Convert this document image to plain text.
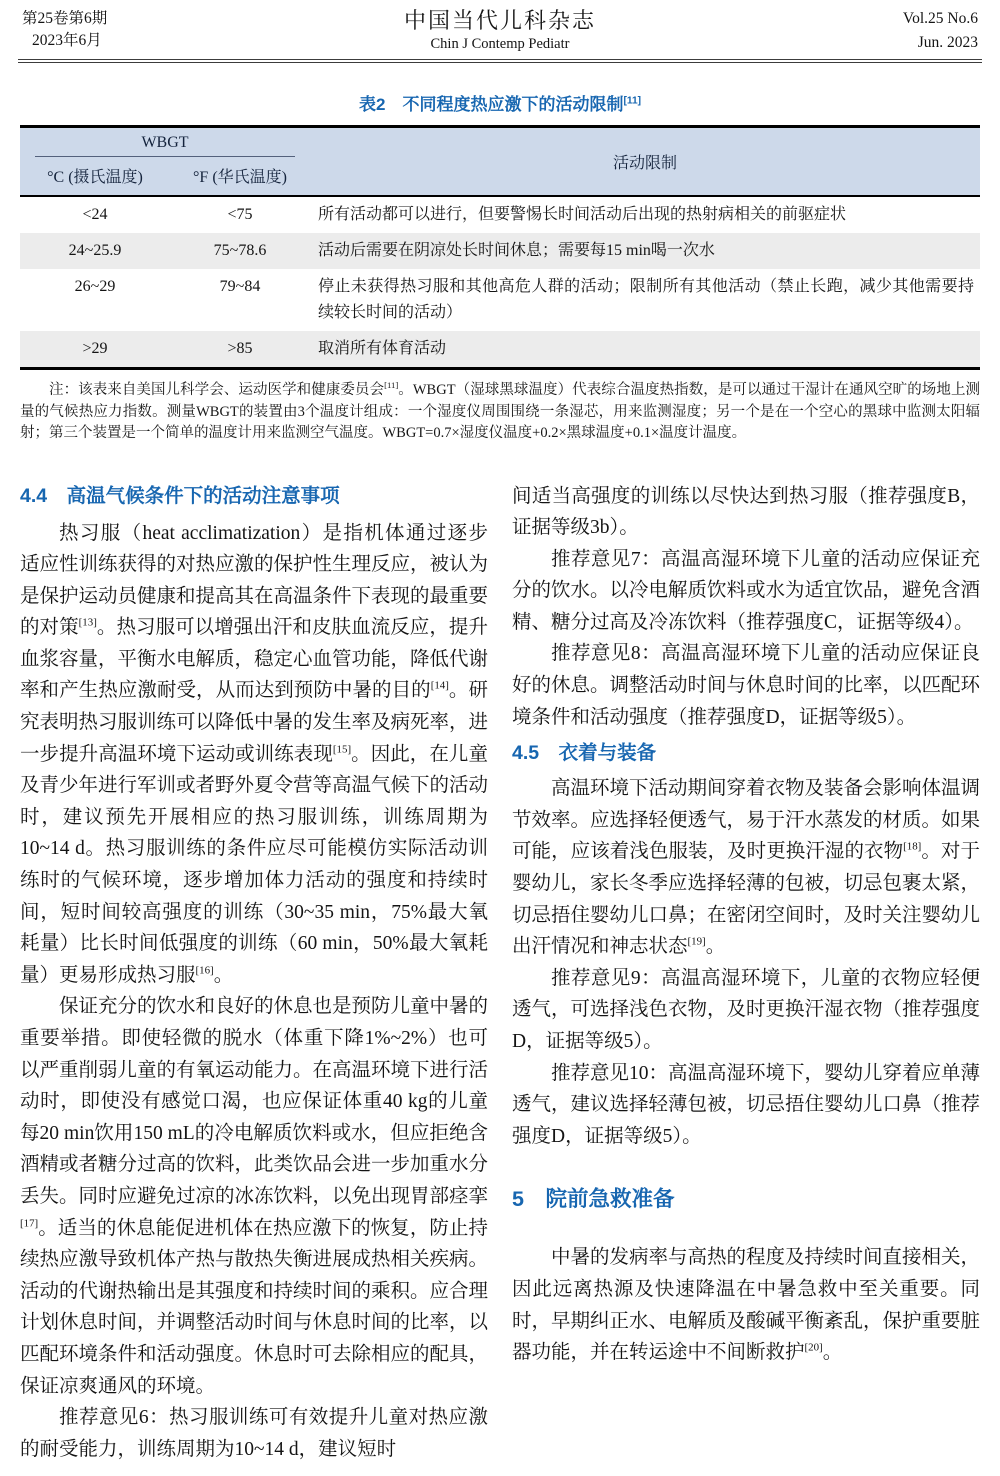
第25卷第6期
2023年6月
中国当代儿科杂志
Chin J Contemp Pediatr
Vol.25 No.6
Jun. 2023
表2　不同程度热应激下的活动限制[11]
WBGT		活动限制
°C (摄氏温度)	°F (华氏温度)	
<24	<75	所有活动都可以进行，但要警惕长时间活动后出现的热射病相关的前驱症状
24~25.9	75~78.6	活动后需要在阴凉处长时间休息；需要每15 min喝一次水
26~29	79~84	停止未获得热习服和其他高危人群的活动；限制所有其他活动（禁止长跑，减少其他需要持续较长时间的活动）
>29	>85	取消所有体育活动
注：该表来自美国儿科学会、运动医学和健康委员会[11]。WBGT（湿球黑球温度）代表综合温度热指数，是可以通过干湿计在通风空旷的场地上测量的气候热应力指数。测量WBGT的装置由3个温度计组成：一个湿度仪周围围绕一条湿芯，用来监测湿度；另一个是在一个空心的黑球中监测太阳辐射；第三个装置是一个简单的温度计用来监测空气温度。WBGT=0.7×湿度仪温度+0.2×黑球温度+0.1×温度计温度。
4.4 高温气候条件下的活动注意事项

热习服（heat acclimatization）是指机体通过逐步适应性训练获得的对热应激的保护性生理反应，被认为是保护运动员健康和提高其在高温条件下表现的最重要的对策[13]。热习服可以增强出汗和皮肤血流反应，提升血浆容量，平衡水电解质，稳定心血管功能，降低代谢率和产生热应激耐受，从而达到预防中暑的目的[14]。研究表明热习服训练可以降低中暑的发生率及病死率，进一步提升高温环境下运动或训练表现[15]。因此，在儿童及青少年进行军训或者野外夏令营等高温气候下的活动时，建议预先开展相应的热习服训练，训练周期为10~14 d。热习服训练的条件应尽可能模仿实际活动训练时的气候环境，逐步增加体力活动的强度和持续时间，短时间较高强度的训练（30~35 min，75%最大氧耗量）比长时间低强度的训练（60 min，50%最大氧耗量）更易形成热习服[16]。

保证充分的饮水和良好的休息也是预防儿童中暑的重要举措。即使轻微的脱水（体重下降1%~2%）也可以严重削弱儿童的有氧运动能力。在高温环境下进行活动时，即使没有感觉口渴，也应保证体重40 kg的儿童每20 min饮用150 mL的冷电解质饮料或水，但应拒绝含酒精或者糖分过高的饮料，此类饮品会进一步加重水分丢失。同时应避免过凉的冰冻饮料，以免出现胃部痉挛[17]。适当的休息能促进机体在热应激下的恢复，防止持续热应激导致机体产热与散热失衡进展成热相关疾病。活动的代谢热输出是其强度和持续时间的乘积。应合理计划休息时间，并调整活动时间与休息时间的比率，以匹配环境条件和活动强度。休息时可去除相应的配具，保证凉爽通风的环境。

推荐意见6：热习服训练可有效提升儿童对热应激的耐受能力，训练周期为10~14 d，建议短时

间适当高强度的训练以尽快达到热习服（推荐强度B，证据等级3b）。

推荐意见7：高温高湿环境下儿童的活动应保证充分的饮水。以冷电解质饮料或水为适宜饮品，避免含酒精、糖分过高及冷冻饮料（推荐强度C，证据等级4）。

推荐意见8：高温高湿环境下儿童的活动应保证良好的休息。调整活动时间与休息时间的比率，以匹配环境条件和活动强度（推荐强度D，证据等级5）。

4.5 衣着与装备

高温环境下活动期间穿着衣物及装备会影响体温调节效率。应选择轻便透气，易于汗水蒸发的材质。如果可能，应该着浅色服装，及时更换汗湿的衣物[18]。对于婴幼儿，家长冬季应选择轻薄的包被，切忌包裹太紧，切忌捂住婴幼儿口鼻；在密闭空间时，及时关注婴幼儿出汗情况和神志状态[19]。

推荐意见9：高温高湿环境下，儿童的衣物应轻便透气，可选择浅色衣物，及时更换汗湿衣物（推荐强度D，证据等级5）。

推荐意见10：高温高湿环境下，婴幼儿穿着应单薄透气，建议选择轻薄包被，切忌捂住婴幼儿口鼻（推荐强度D，证据等级5）。

5 院前急救准备

中暑的发病率与高热的程度及持续时间直接相关，因此远离热源及快速降温在中暑急救中至关重要。同时，早期纠正水、电解质及酸碱平衡紊乱，保护重要脏器功能，并在转运途中不间断救护[20]。
